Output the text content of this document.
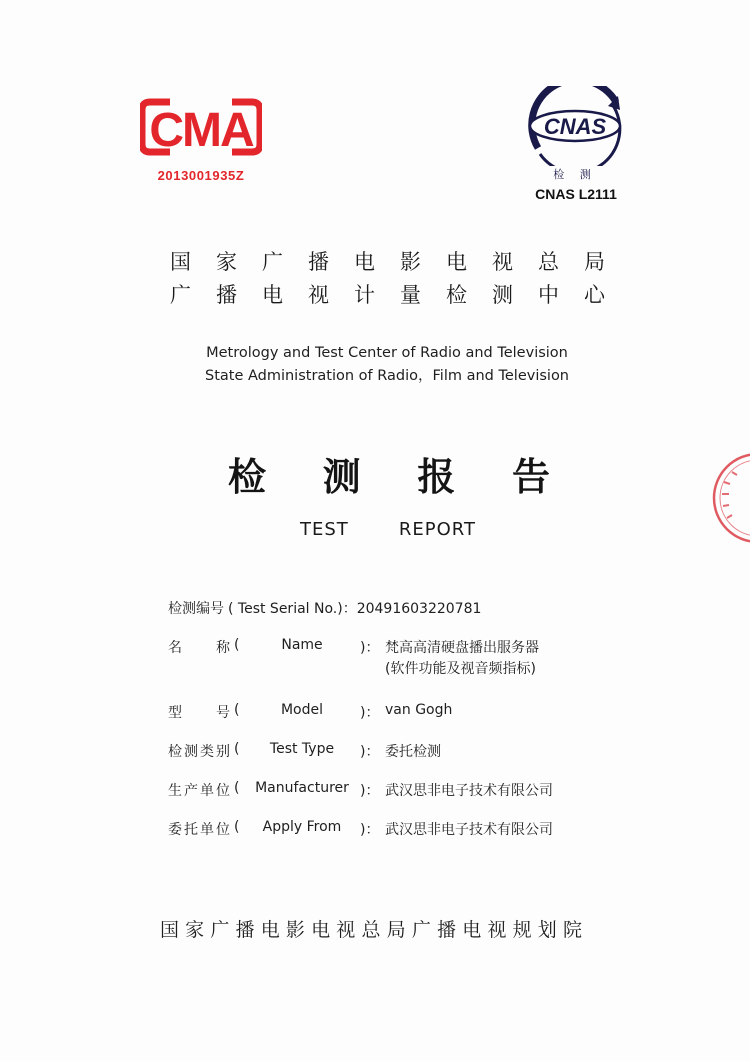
CMA
2013001935Z
CNAS
检 测
CNAS L2111
国家广播电影电视总局
广播电视计量检测中心
Metrology and Test Center of Radio and Television
State Administration of Radio，Film and Television
检测报告
TEST REPORT
检测编号 ( Test Serial No.)：20491603220781
名 称 (	Name	)： 梵高高清硬盘播出服务器
(软件功能及视音频指标)
型 号 (	Model	)： van Gogh
检测类别 (	Test Type	)： 委托检测
生产单位 (	Manufacturer )： 武汉思非电子技术有限公司
委托单位 (	Apply From	)： 武汉思非电子技术有限公司
国家广播电影电视总局广播电视规划院
